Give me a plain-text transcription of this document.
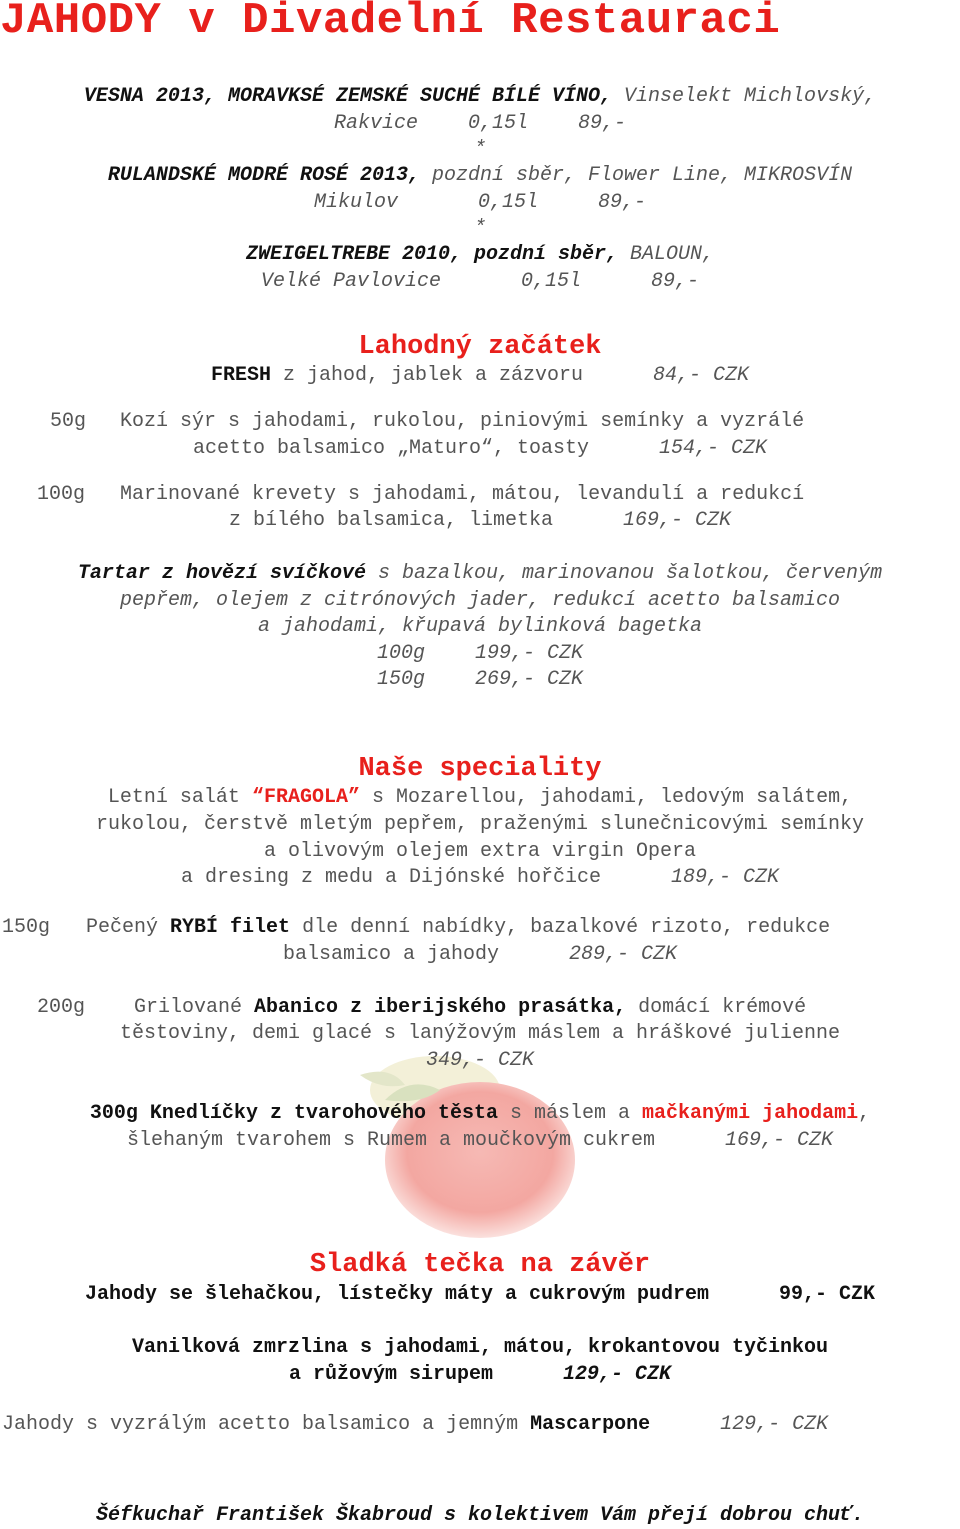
JAHODY v Divadelní Restauraci
VESNA 2013, MORAVKSÉ ZEMSKÉ SUCHÉ BÍLÉ VÍNO, Vinselekt Michlovský,
Rakvice	0,15l	89,-
*
RULANDSKÉ MODRÉ ROSÉ 2013, pozdní sběr, Flower Line, MIKROSVÍN
Mikulov	0,15l	89,-
*
ZWEIGELTREBE 2010, pozdní sběr, BALOUN,
Velké Pavlovice	0,15l	89,-
Lahodný začátek
FRESH z jahod, jablek a zázvoru	84,- CZK
50g Kozí sýr s jahodami, rukolou, piniovými semínky a vyzrálé
acetto balsamico „Maturo“, toasty	154,- CZK
100g Marinované krevety s jahodami, mátou, levandulí a redukcí
z bílého balsamica, limetka	169,- CZK
Tartar z hovězí svíčkové s bazalkou, marinovanou šalotkou, červeným
pepřem, olejem z citrónových jader, redukcí acetto balsamico
a jahodami, křupavá bylinková bagetka
100g	199,- CZK
150g	269,- CZK
Naše speciality
Letní salát “FRAGOLA” s Mozarellou, jahodami, ledovým salátem,
rukolou, čerstvě mletým pepřem, praženými slunečnicovými semínky
a olivovým olejem extra virgin Opera
a dresing z medu a Dijónské hořčice	189,- CZK
150g Pečený RYBÍ filet dle denní nabídky, bazalkové rizoto, redukce
balsamico a jahody	289,- CZK
200g Grilované Abanico z iberijského prasátka, domácí krémové
těstoviny, demi glacé s lanýžovým máslem a hráškové julienne
349,- CZK
300g Knedlíčky z tvarohového těsta s máslem a mačkanými jahodami,
šlehaným tvarohem s Rumem a moučkovým cukrem	169,- CZK
Sladká tečka na závěr
Jahody se šlehačkou, lístečky máty a cukrovým pudrem	99,- CZK
Vanilková zmrzlina s jahodami, mátou, krokantovou tyčinkou
a růžovým sirupem	129,- CZK
Jahody s vyzrálým acetto balsamico a jemným Mascarpone	129,- CZK
Šéfkuchař František Škabroud s kolektivem Vám přejí dobrou chuť.
